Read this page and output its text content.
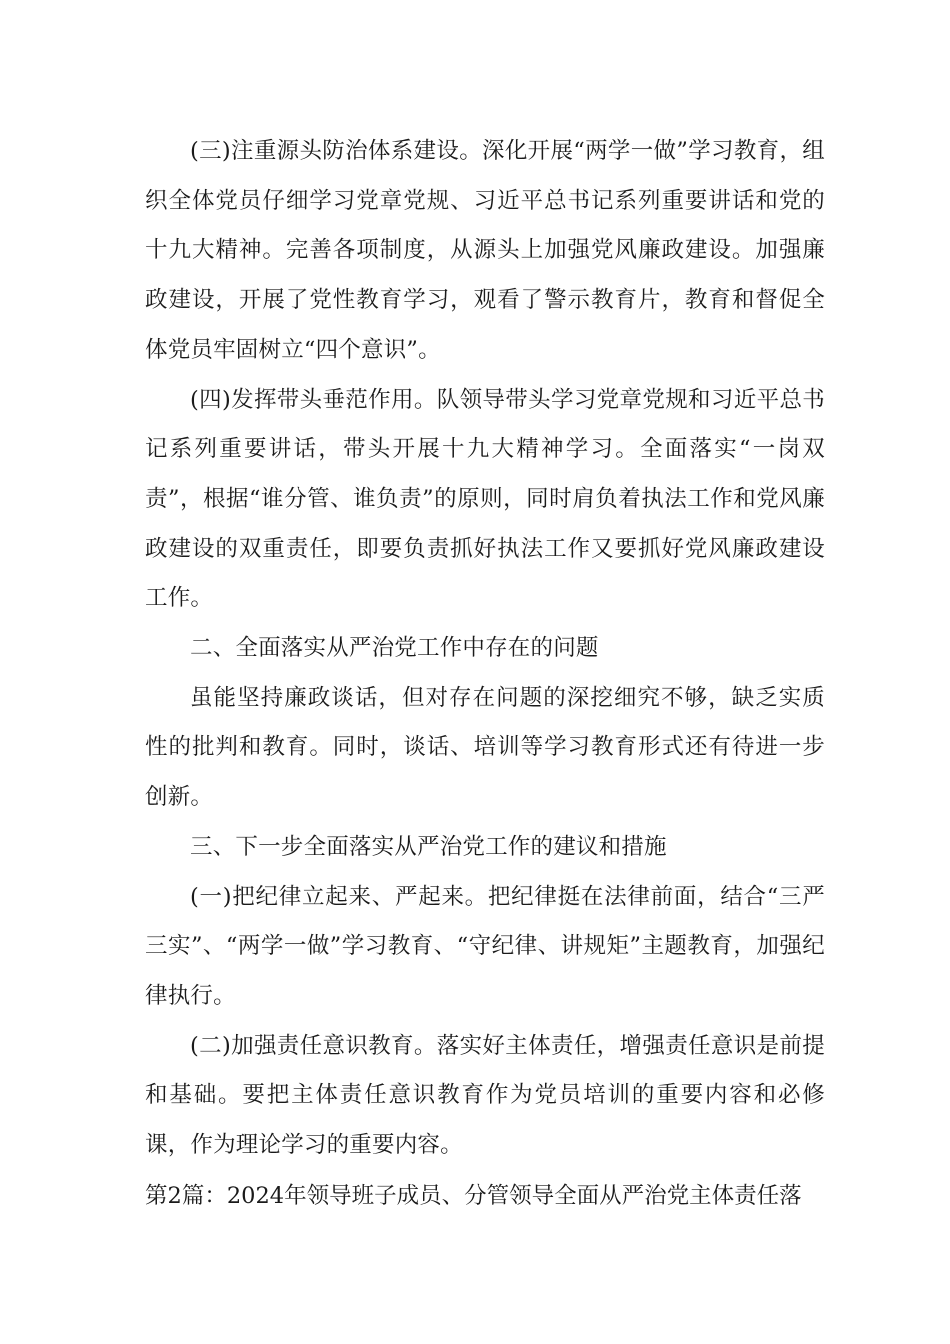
(三)注重源头防治体系建设。深化开展“两学一做”学习教育，组织全体党员仔细学习党章党规、习近平总书记系列重要讲话和党的十九大精神。完善各项制度，从源头上加强党风廉政建设。加强廉政建设，开展了党性教育学习，观看了警示教育片，教育和督促全体党员牢固树立“四个意识”。

(四)发挥带头垂范作用。队领导带头学习党章党规和习近平总书记系列重要讲话，带头开展十九大精神学习。全面落实“一岗双责”，根据“谁分管、谁负责”的原则，同时肩负着执法工作和党风廉政建设的双重责任，即要负责抓好执法工作又要抓好党风廉政建设工作。

二、全面落实从严治党工作中存在的问题

虽能坚持廉政谈话，但对存在问题的深挖细究不够，缺乏实质性的批判和教育。同时，谈话、培训等学习教育形式还有待进一步创新。

三、下一步全面落实从严治党工作的建议和措施

(一)把纪律立起来、严起来。把纪律挺在法律前面，结合“三严三实”、“两学一做”学习教育、“守纪律、讲规矩”主题教育，加强纪律执行。

(二)加强责任意识教育。落实好主体责任，增强责任意识是前提和基础。要把主体责任意识教育作为党员培训的重要内容和必修课，作为理论学习的重要内容。

第2篇：2024年领导班子成员、分管领导全面从严治党主体责任落
